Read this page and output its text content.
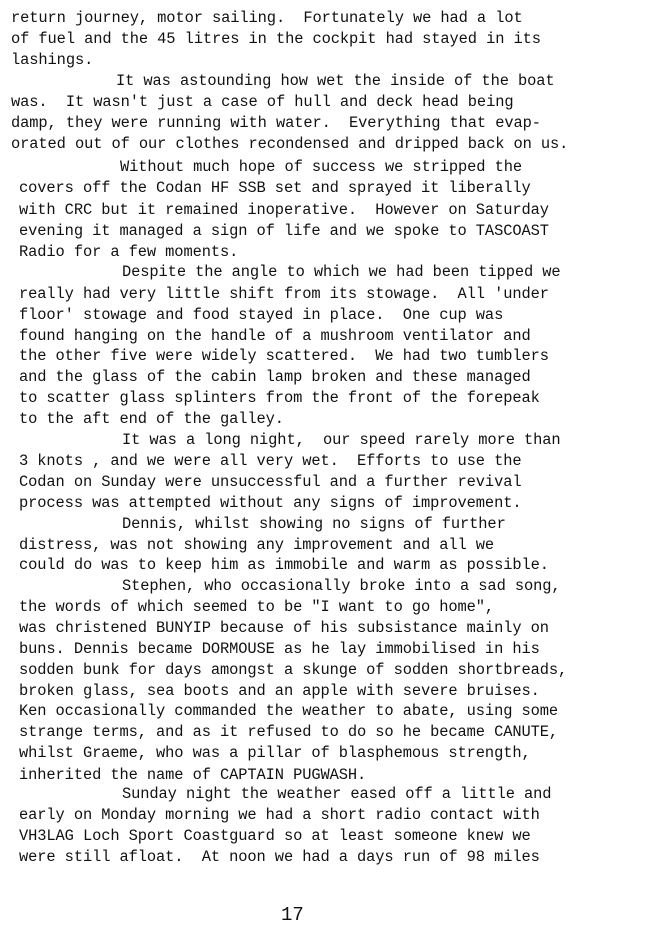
return journey, motor sailing.  Fortunately we had a lot
of fuel and the 45 litres in the cockpit had stayed in its
lashings.
It was astounding how wet the inside of the boat
was.  It wasn't just a case of hull and deck head being
damp, they were running with water.  Everything that evap-
orated out of our clothes recondensed and dripped back on us.
Without much hope of success we stripped the
covers off the Codan HF SSB set and sprayed it liberally
with CRC but it remained inoperative.  However on Saturday
evening it managed a sign of life and we spoke to TASCOAST
Radio for a few moments.
Despite the angle to which we had been tipped we
really had very little shift from its stowage.  All 'under
floor' stowage and food stayed in place.  One cup was
found hanging on the handle of a mushroom ventilator and
the other five were widely scattered.  We had two tumblers
and the glass of the cabin lamp broken and these managed
to scatter glass splinters from the front of the forepeak
to the aft end of the galley.
It was a long night,  our speed rarely more than
3 knots , and we were all very wet.  Efforts to use the
Codan on Sunday were unsuccessful and a further revival
process was attempted without any signs of improvement.
Dennis, whilst showing no signs of further
distress, was not showing any improvement and all we
could do was to keep him as immobile and warm as possible.
Stephen, who occasionally broke into a sad song,
the words of which seemed to be "I want to go home",
was christened BUNYIP because of his subsistance mainly on
buns. Dennis became DORMOUSE as he lay immobilised in his
sodden bunk for days amongst a skunge of sodden shortbreads,
broken glass, sea boots and an apple with severe bruises.
Ken occasionally commanded the weather to abate, using some
strange terms, and as it refused to do so he became CANUTE,
whilst Graeme, who was a pillar of blasphemous strength,
inherited the name of CAPTAIN PUGWASH.
Sunday night the weather eased off a little and
early on Monday morning we had a short radio contact with
VH3LAG Loch Sport Coastguard so at least someone knew we
were still afloat.  At noon we had a days run of 98 miles
17
